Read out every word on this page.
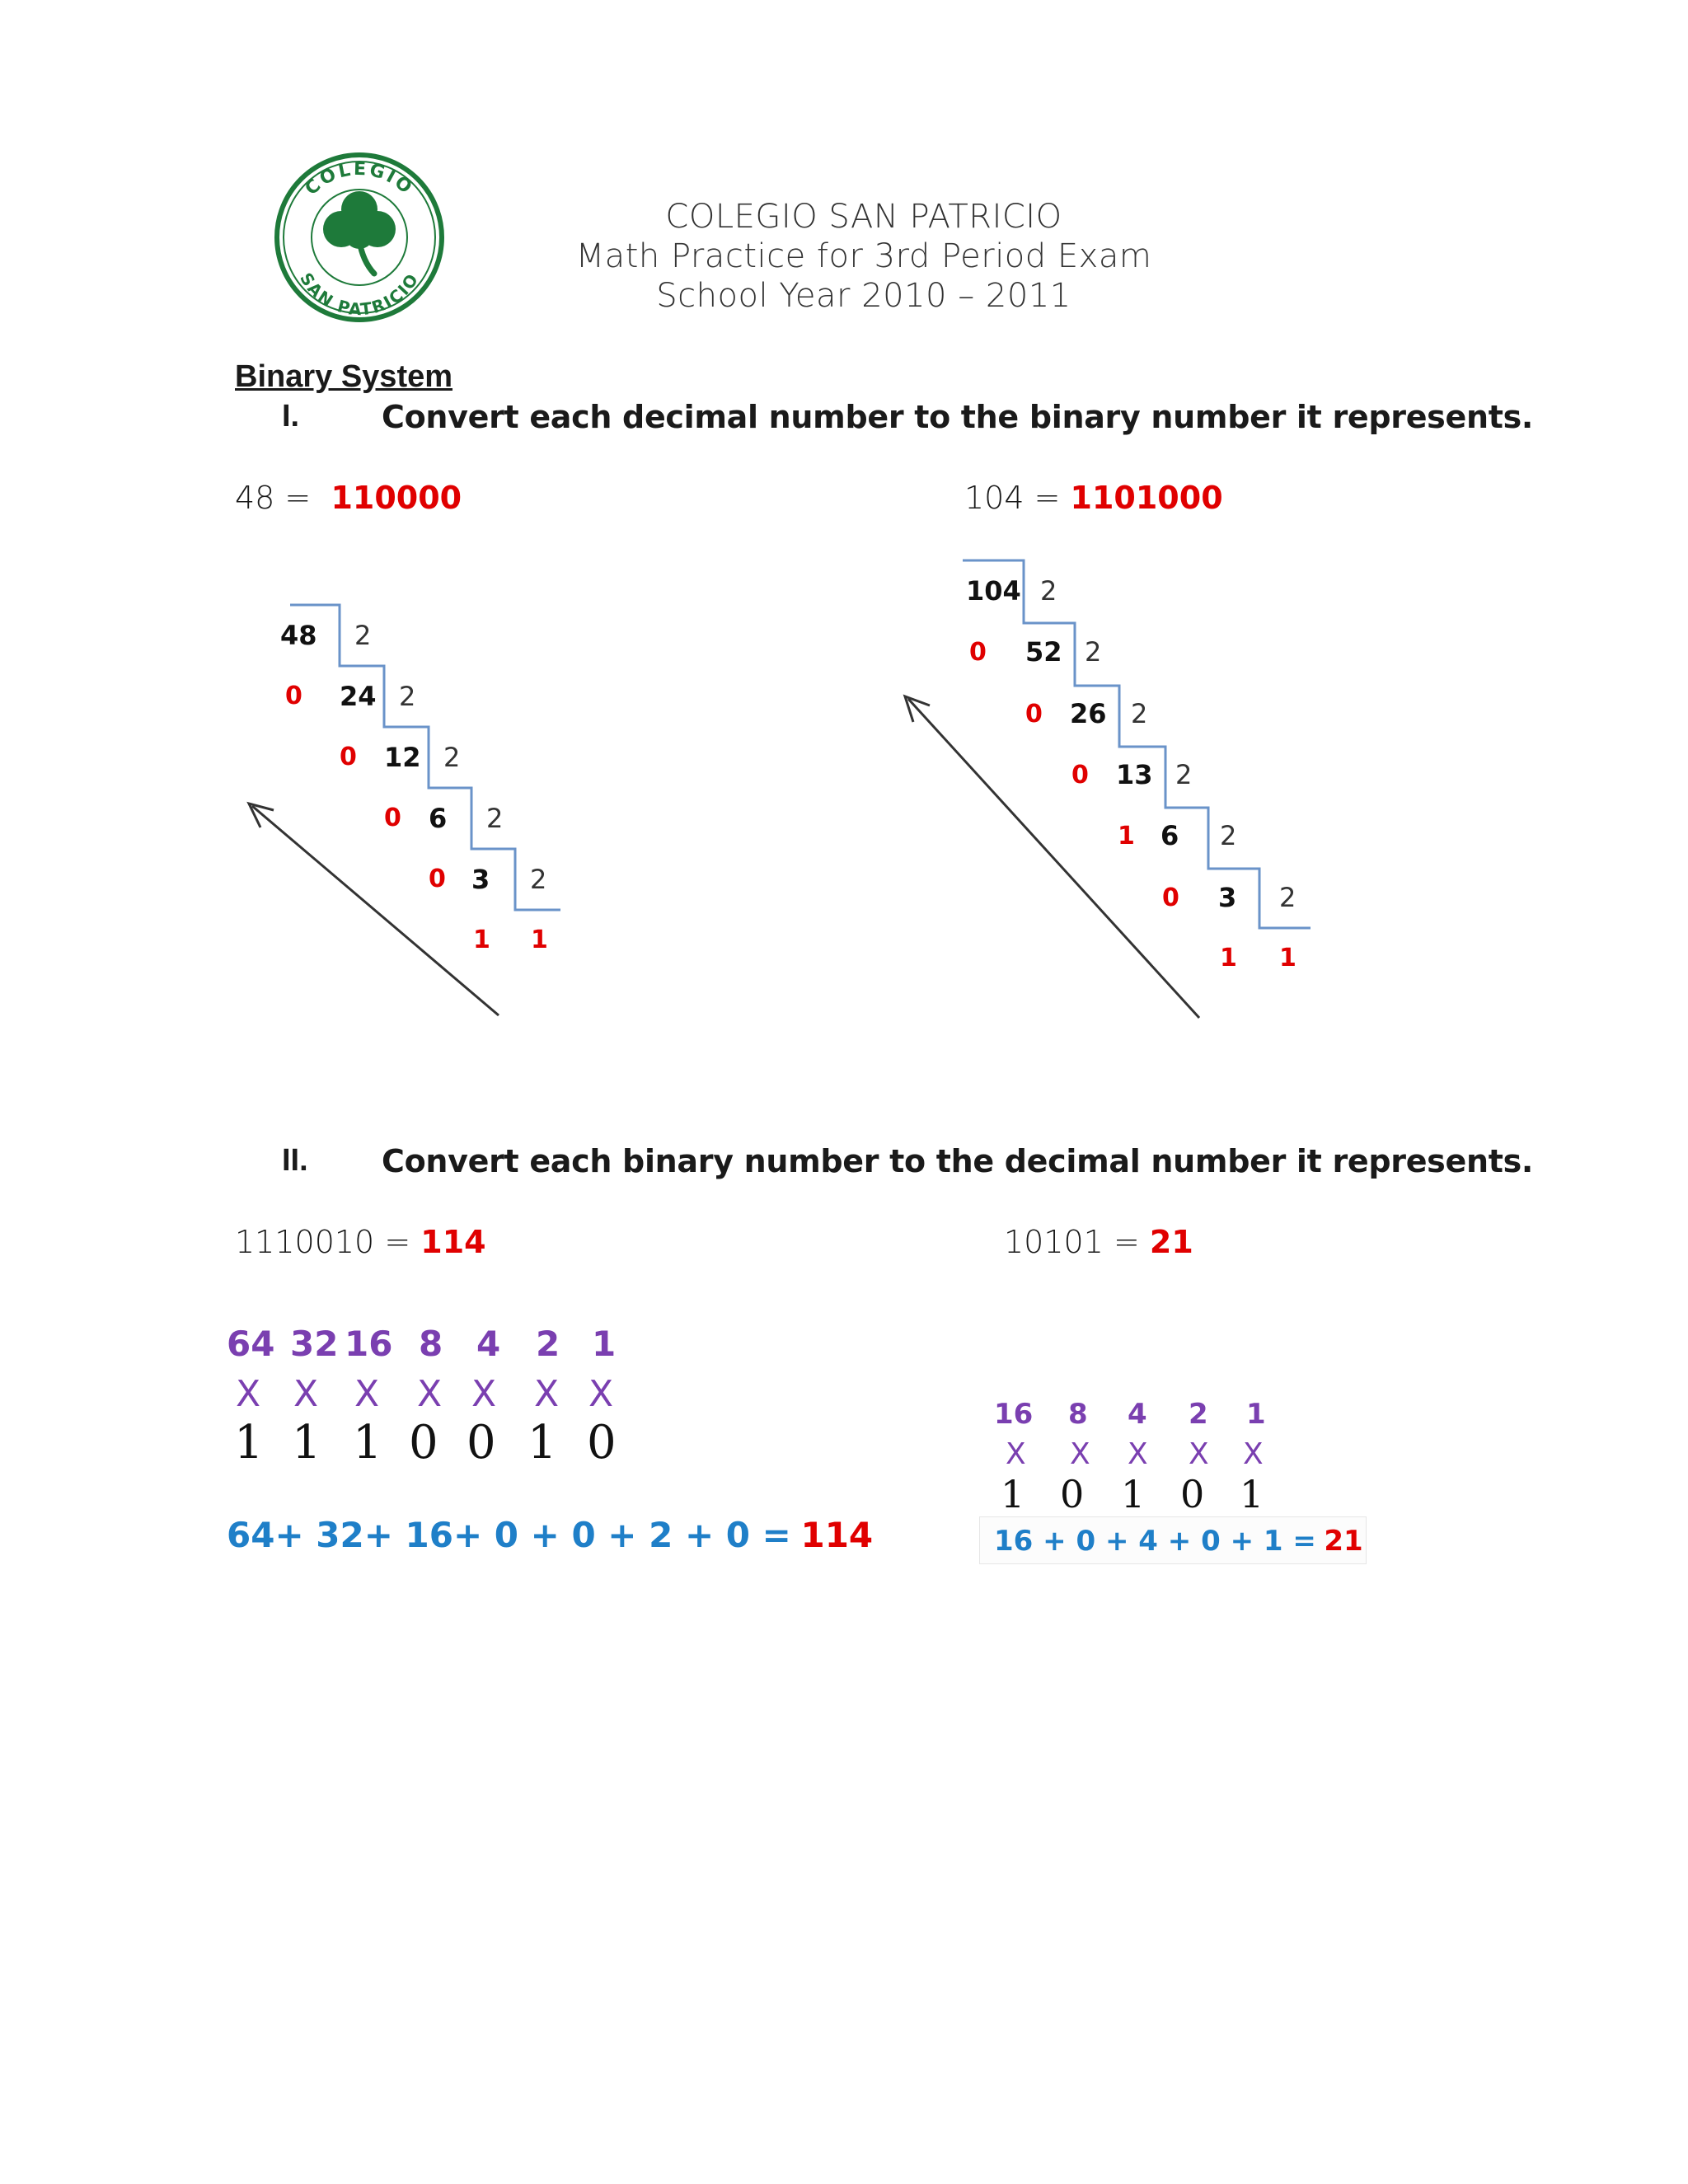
COLEGIO
SAN PATRICIO
COLEGIO SAN PATRICIO
Math Practice for 3rd Period Exam
School Year 2010 – 2011
Binary System
I.	Convert each decimal number to the binary number it represents.
48 = 110000	104 = 1101000
48 2
0 24 2
0 12 2
0 6 2
0 3 2
1 1
104 2
0 52 2
0 26 2
0 13 2
1 6 2
0 3 2
1 1
II. Convert each binary number to the decimal number it represents.
1110010 = 114	10101 = 21
64 32 16 8 4 2 1
X X X X X X X
1 1 1 0 0 1 0
64+ 32+ 16+ 0 + 0 + 2 + 0 = 114
16 8 4 2 1
X X X X X
1 0 1 0 1
16 + 0 + 4 + 0 + 1 = 21
